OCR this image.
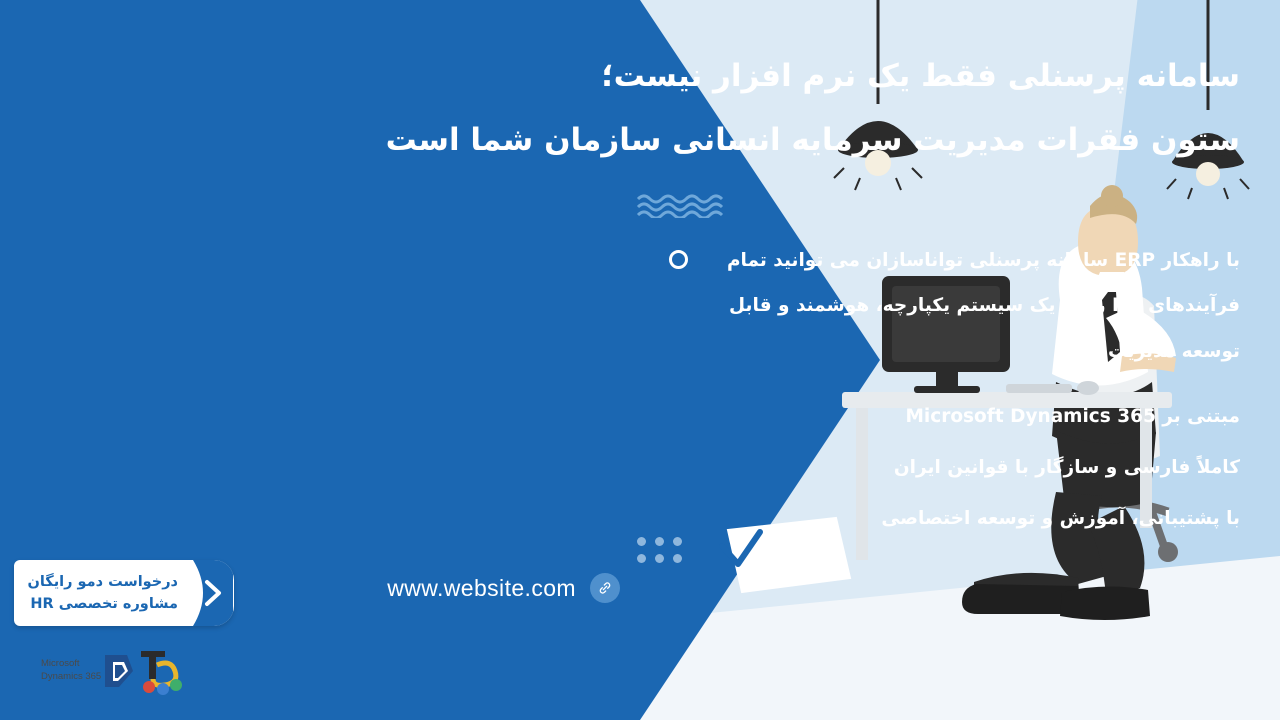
سامانه پرسنلی فقط یک نرم افزار نیست؛
ستون فقرات مدیریت سرمایه انسانی سازمان شما است
با راهکار ERP سامانه پرسنلی تواناسازان می توانید تمام فرآیندهای HR را در یک سیستم یکپارچه، هوشمند و قابل توسعه مدیریت کنید.
مبتنی بر Microsoft Dynamics 365
کاملاً فارسی و سازگار با قوانین ایران
با پشتیبانی، آموزش و توسعه اختصاصی
www.website.com
درخواست دمو رایگان
مشاوره تخصصی HR
Microsoft
Dynamics 365
